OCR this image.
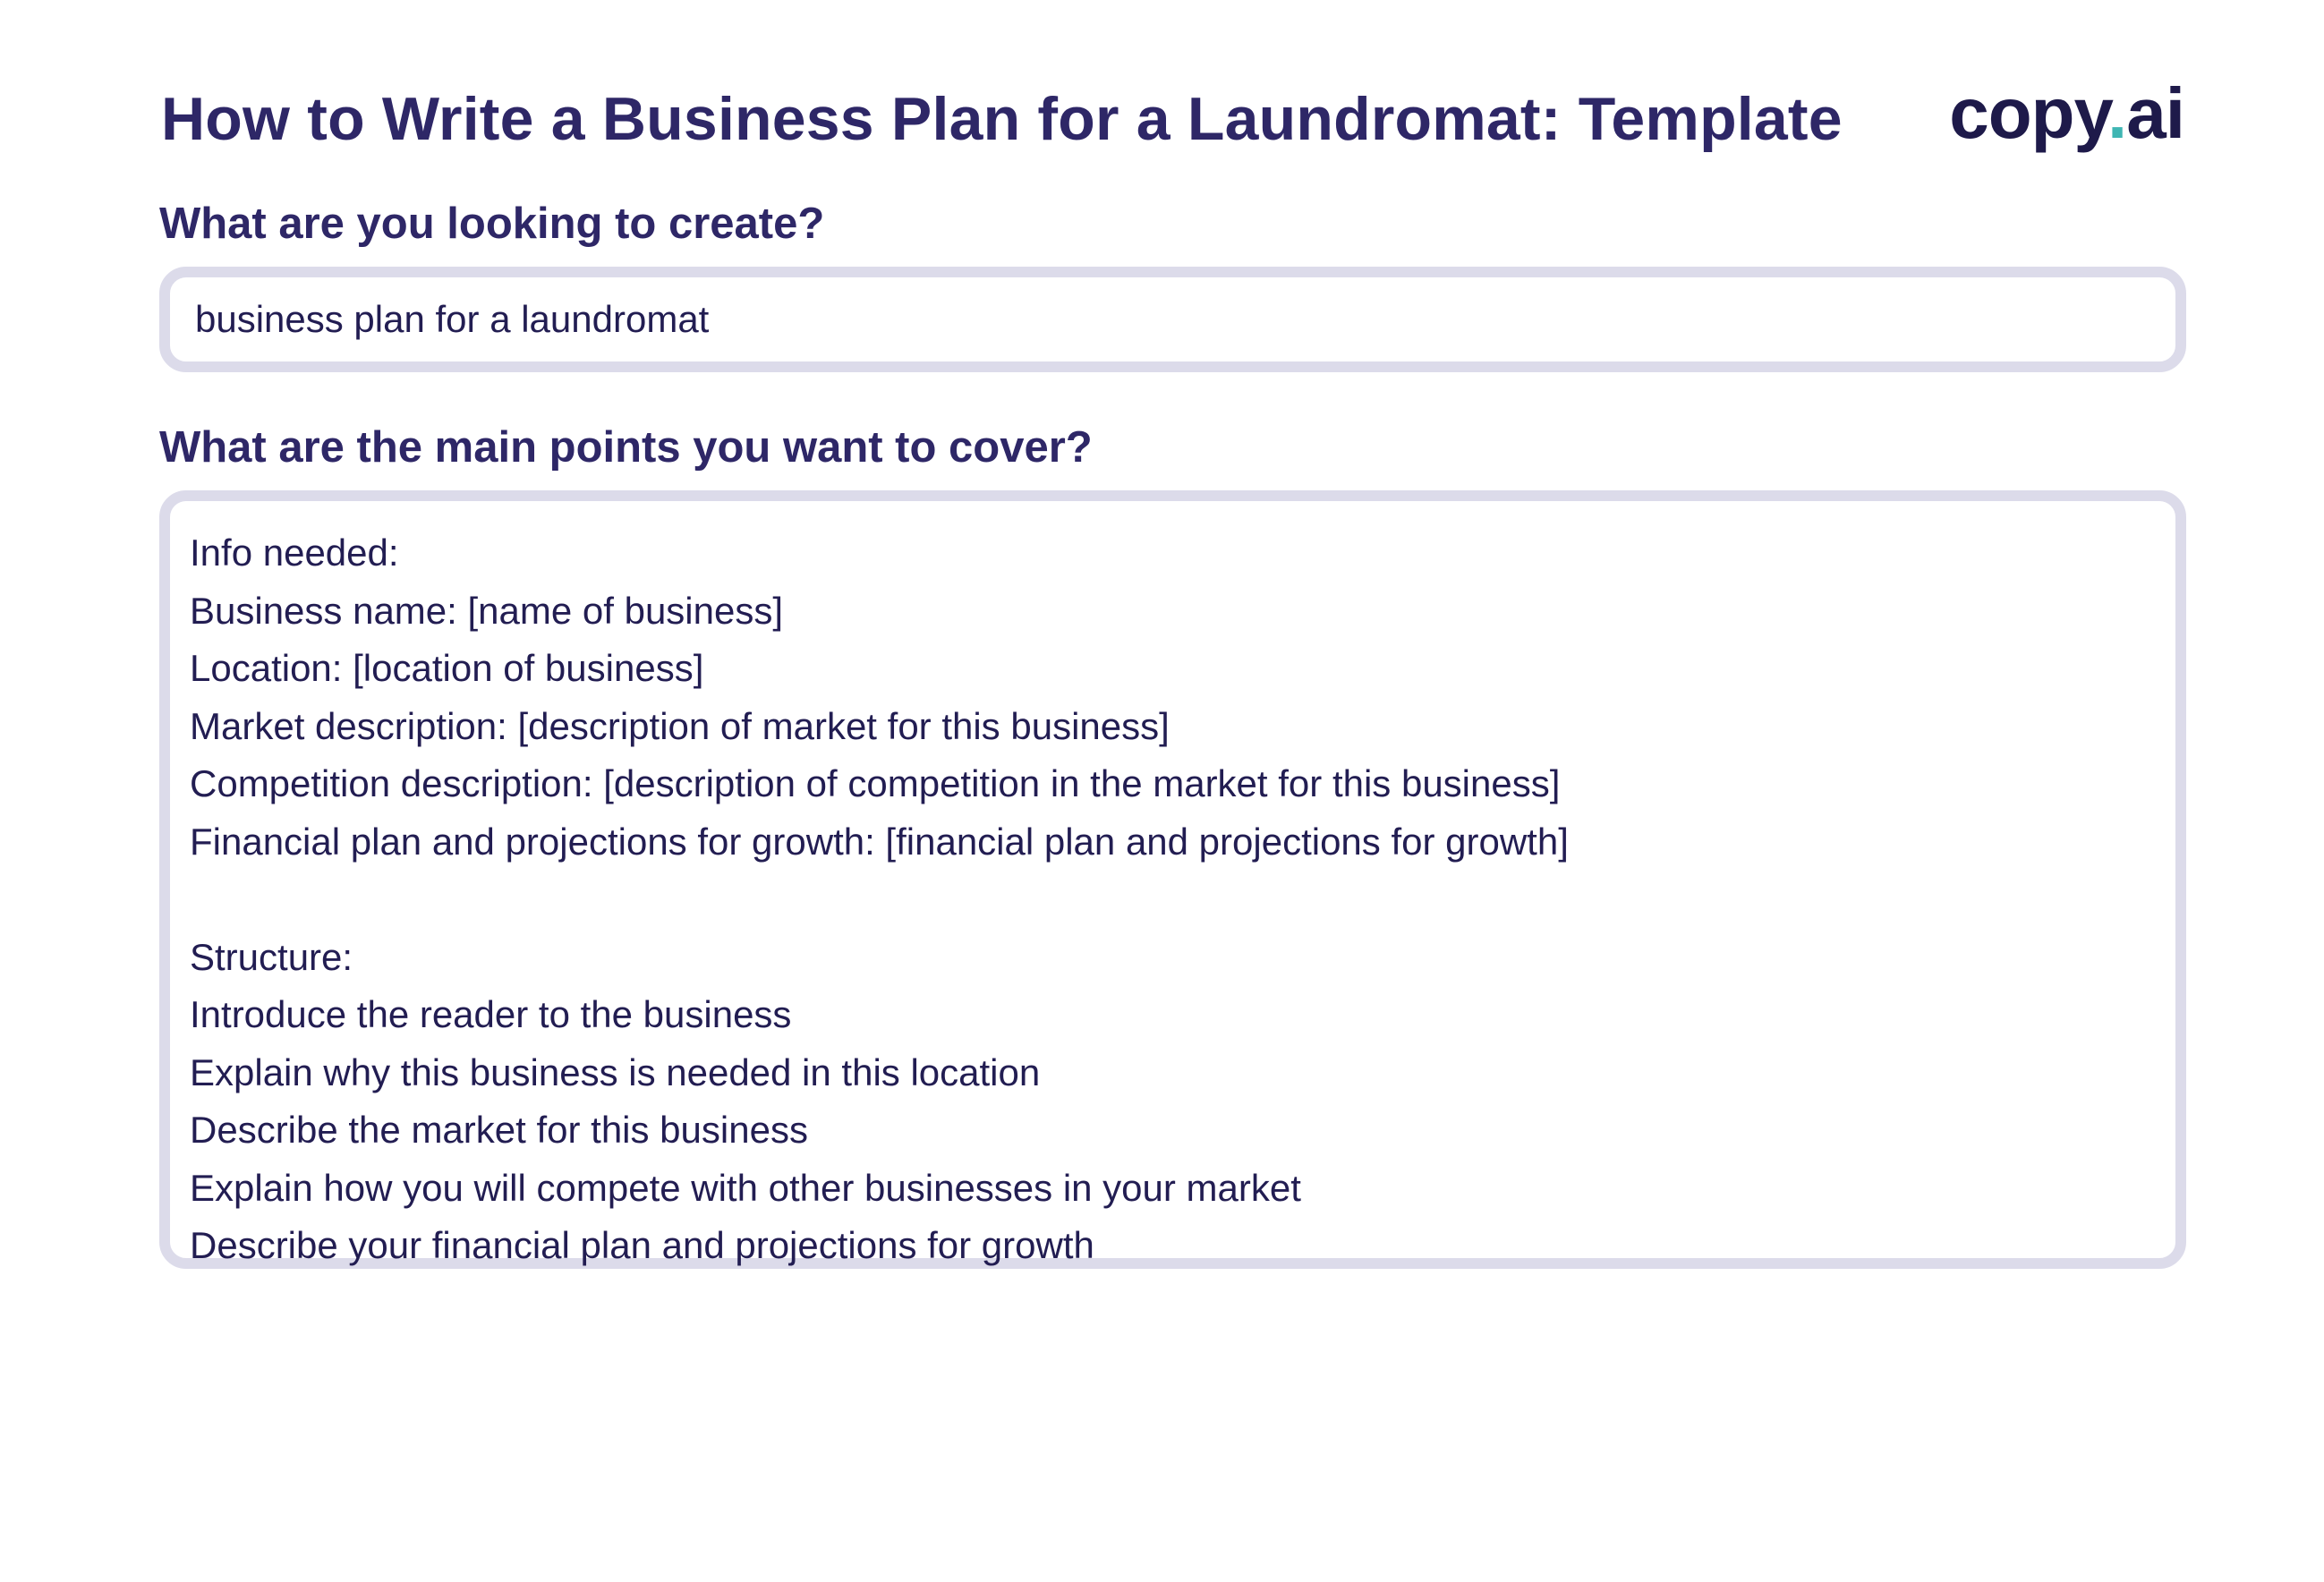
How to Write a Business Plan for a Laundromat: Template copy.ai
What are you looking to create?
business plan for a laundromat
What are the main points you want to cover?
Info needed:
Business name: [name of business]
Location: [location of business]
Market description: [description of market for this business]
Competition description: [description of competition in the market for this business]
Financial plan and projections for growth: [financial plan and projections for growth]
Structure:
Introduce the reader to the business
Explain why this business is needed in this location
Describe the market for this business
Explain how you will compete with other businesses in your market
Describe your financial plan and projections for growth
